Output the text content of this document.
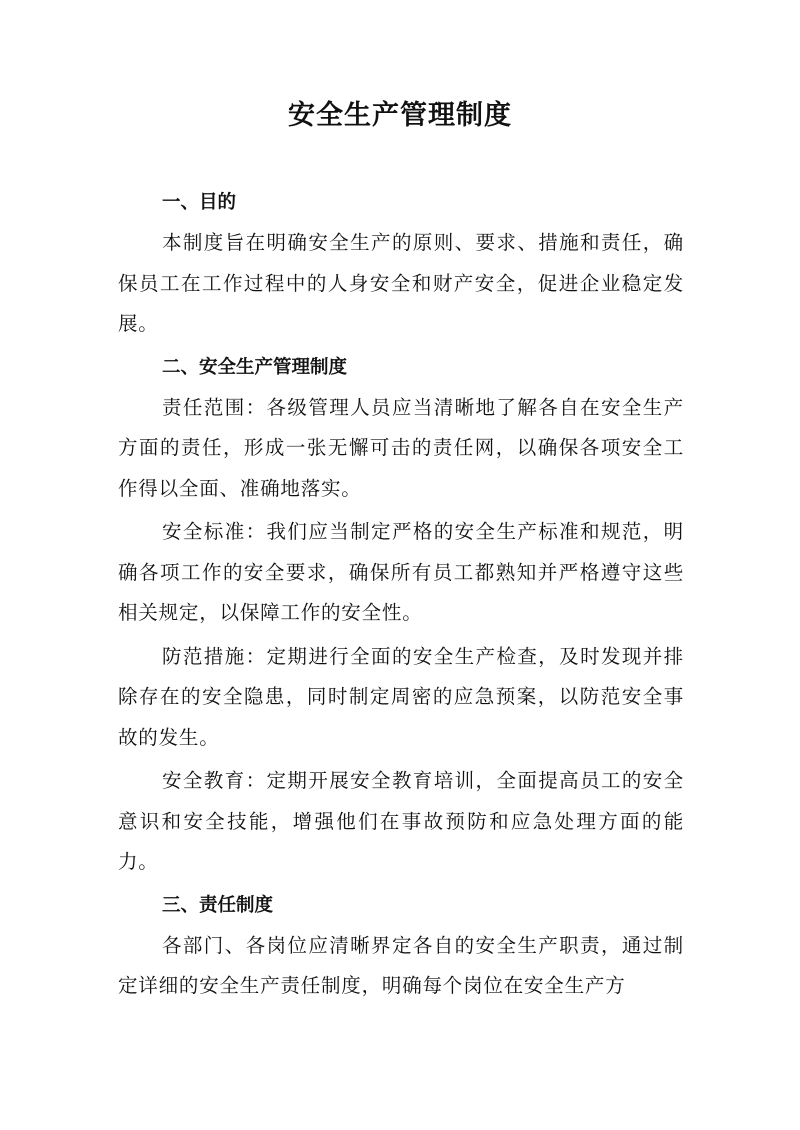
安全生产管理制度
一、目的

本制度旨在明确安全生产的原则、要求、措施和责任，确保员工在工作过程中的人身安全和财产安全，促进企业稳定发展。

二、安全生产管理制度

责任范围：各级管理人员应当清晰地了解各自在安全生产方面的责任，形成一张无懈可击的责任网，以确保各项安全工作得以全面、准确地落实。

安全标准：我们应当制定严格的安全生产标准和规范，明确各项工作的安全要求，确保所有员工都熟知并严格遵守这些相关规定，以保障工作的安全性。

防范措施：定期进行全面的安全生产检查，及时发现并排除存在的安全隐患，同时制定周密的应急预案，以防范安全事故的发生。

安全教育：定期开展安全教育培训，全面提高员工的安全意识和安全技能，增强他们在事故预防和应急处理方面的能力。

三、责任制度

各部门、各岗位应清晰界定各自的安全生产职责，通过制定详细的安全生产责任制度，明确每个岗位在安全生产方
